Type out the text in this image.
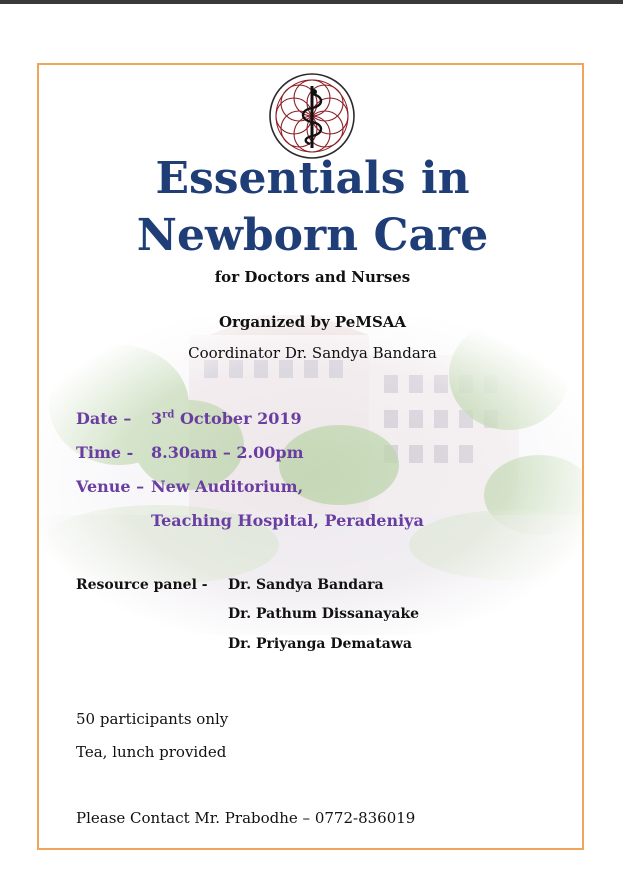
Essentials in
Newborn Care
for Doctors and Nurses
Organized by PeMSAA
Coordinator Dr. Sandya Bandara
Date – 3rd October 2019
Time - 8.30am – 2.00pm
Venue – New Auditorium,
Teaching Hospital, Peradeniya
Resource panel - Dr. Sandya Bandara
Dr. Pathum Dissanayake
Dr. Priyanga Dematawa
50 participants only
Tea, lunch provided
Please Contact Mr. Prabodhe – 0772-836019
